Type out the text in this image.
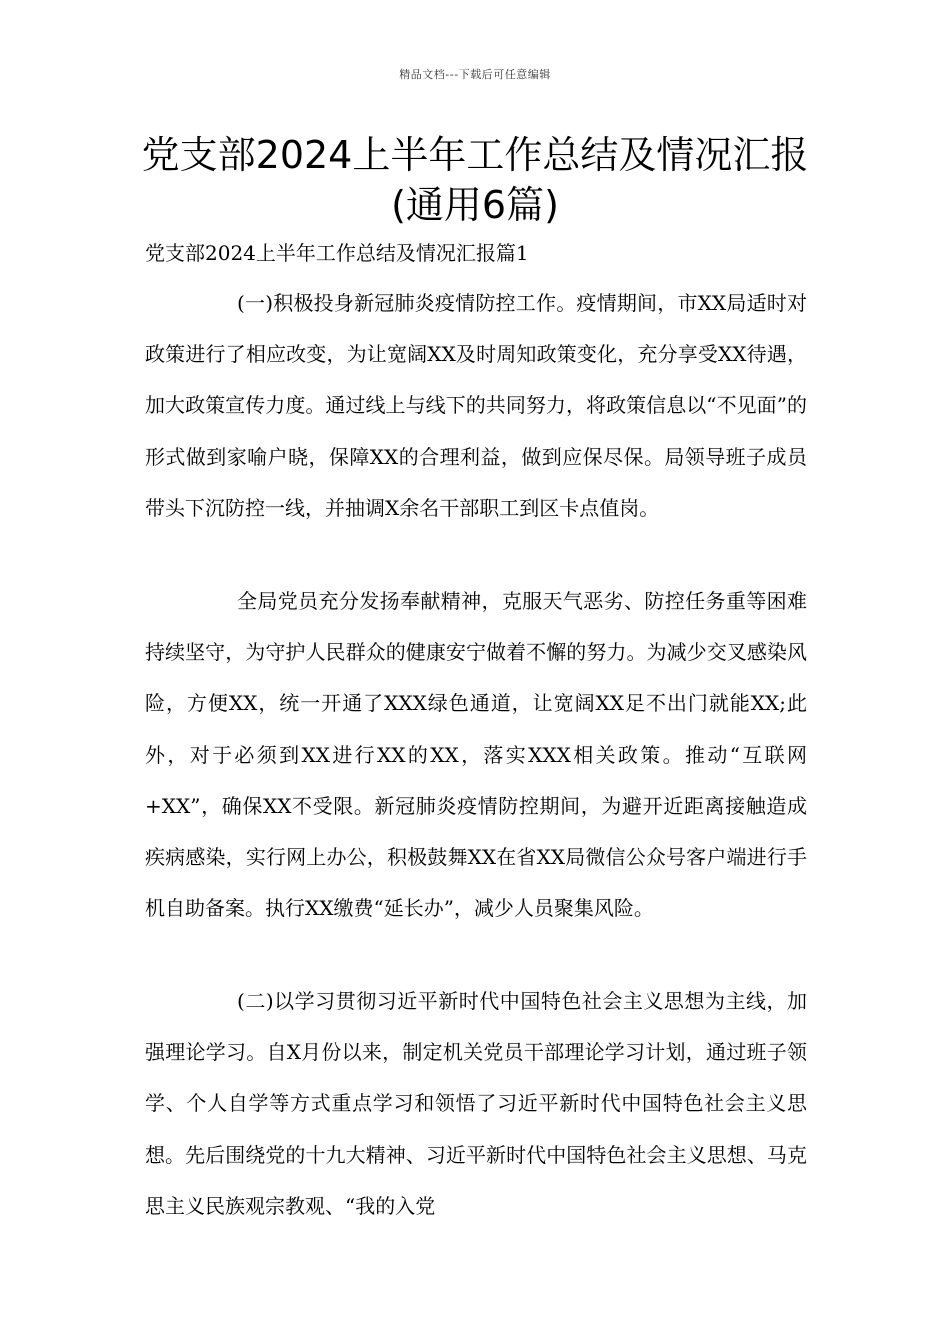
精品文档---下载后可任意编辑
党支部2024上半年工作总结及情况汇报(通用6篇)

党支部2024上半年工作总结及情况汇报篇1

(一)积极投身新冠肺炎疫情防控工作。疫情期间，市XX局适时对政策进行了相应改变，为让宽阔XX及时周知政策变化，充分享受XX待遇，加大政策宣传力度。通过线上与线下的共同努力，将政策信息以“不见面”的形式做到家喻户晓，保障XX的合理利益，做到应保尽保。局领导班子成员带头下沉防控一线，并抽调X余名干部职工到区卡点值岗。

全局党员充分发扬奉献精神，克服天气恶劣、防控任务重等困难持续坚守，为守护人民群众的健康安宁做着不懈的努力。为减少交叉感染风险，方便XX，统一开通了XXX绿色通道，让宽阔XX足不出门就能XX;此外，对于必须到XX进行XX的XX，落实XXX相关政策。推动“互联网+XX”，确保XX不受限。新冠肺炎疫情防控期间，为避开近距离接触造成疾病感染，实行网上办公，积极鼓舞XX在省XX局微信公众号客户端进行手机自助备案。执行XX缴费“延长办”，减少人员聚集风险。

(二)以学习贯彻习近平新时代中国特色社会主义思想为主线，加强理论学习。自X月份以来，制定机关党员干部理论学习计划，通过班子领学、个人自学等方式重点学习和领悟了习近平新时代中国特色社会主义思想。先后围绕党的十九大精神、习近平新时代中国特色社会主义思想、马克思主义民族观宗教观、“我的入党
